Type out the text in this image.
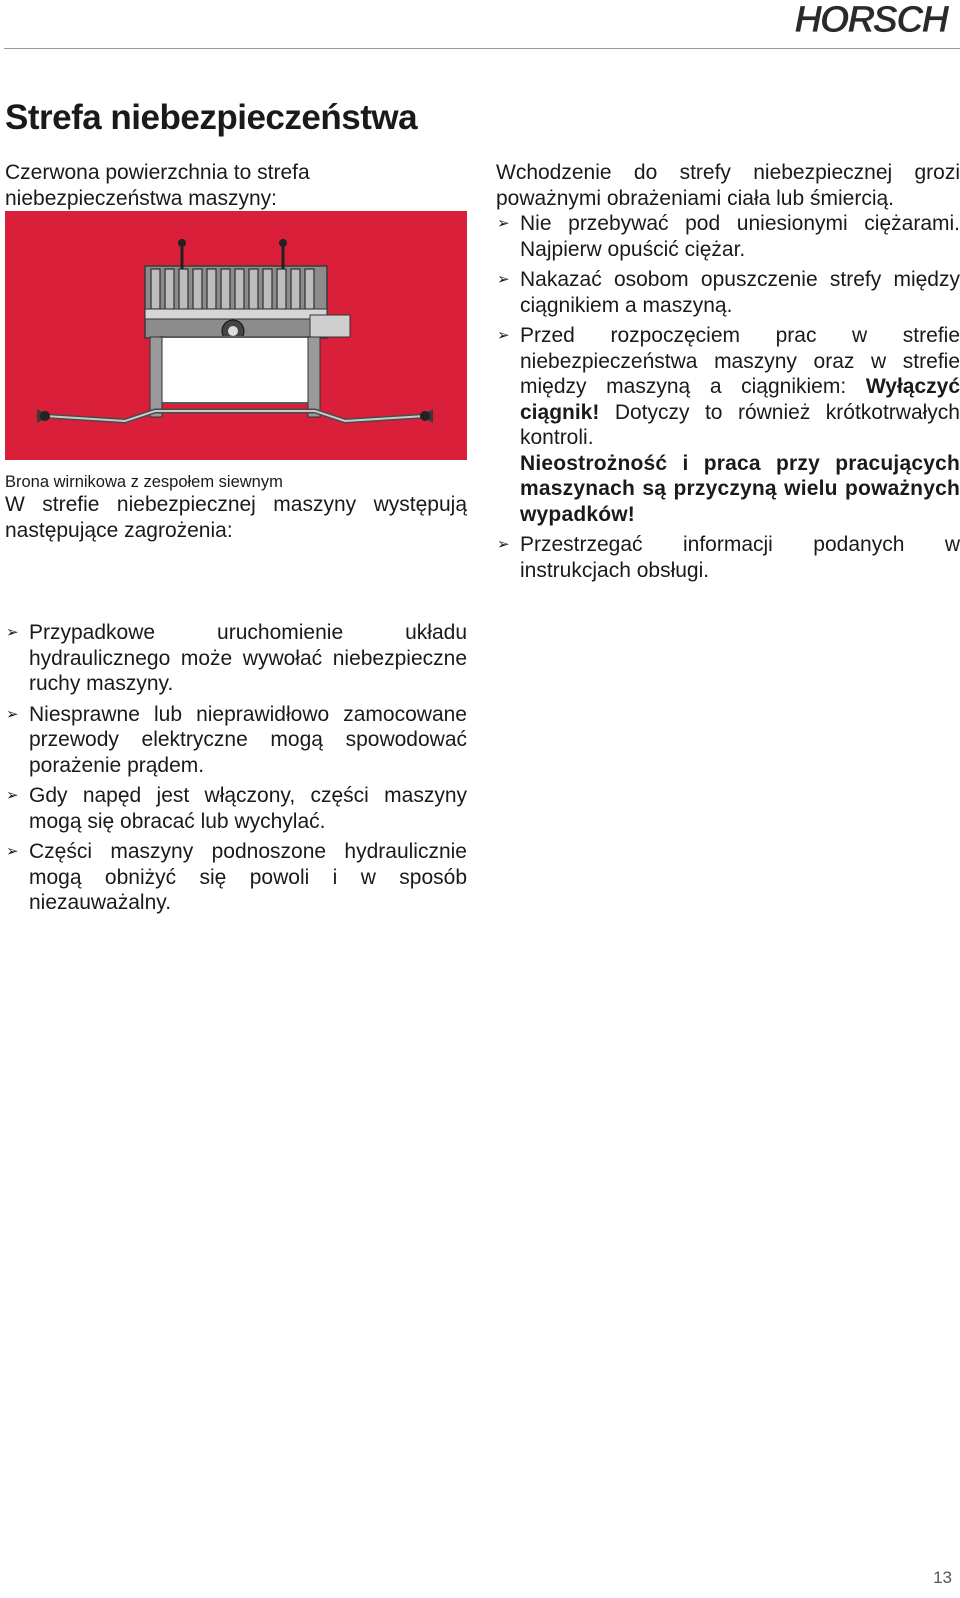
HORSCH
Strefa niebezpieczeństwa

Czerwona powierzchnia to strefa niebezpieczeństwa maszyny:

Brona wirnikowa z zespołem siewnym

W strefie niebezpiecznej maszyny występują następujące zagrożenia:

➢ Przypadkowe uruchomienie układu hydraulicznego może wywołać niebezpieczne ruchy maszyny.
➢ Niesprawne lub nieprawidłowo zamocowane przewody elektryczne mogą spowodować porażenie prądem.
➢ Gdy napęd jest włączony, części maszyny mogą się obracać lub wychylać.
➢ Części maszyny podnoszone hydraulicznie mogą obniżyć się powoli i w sposób niezauważalny.

Wchodzenie do strefy niebezpiecznej grozi poważnymi obrażeniami ciała lub śmiercią.

➢ Nie przebywać pod uniesionymi ciężarami. Najpierw opuścić ciężar.
➢ Nakazać osobom opuszczenie strefy między ciągnikiem a maszyną.
➢ Przed rozpoczęciem prac w strefie niebezpieczeństwa maszyny oraz w strefie między maszyną a ciągnikiem: Wyłączyć ciągnik! Dotyczy to również krótkotrwałych kontroli.
Nieostrożność i praca przy pracujących maszynach są przyczyną wielu poważnych wypadków!
➢ Przestrzegać informacji podanych w instrukcjach obsługi.
13
